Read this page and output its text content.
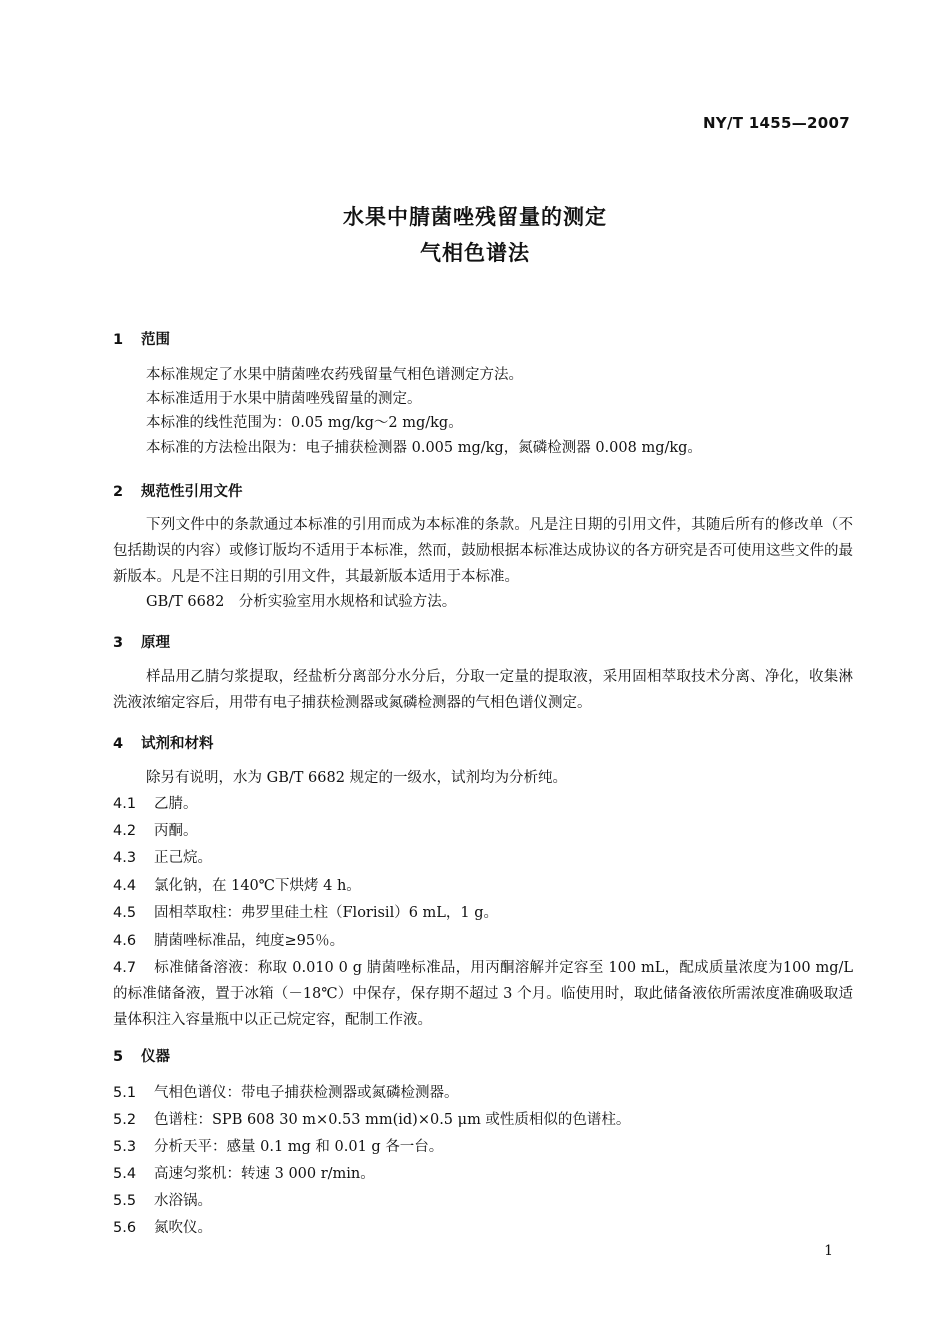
NY/T 1455—2007
水果中腈菌唑残留量的测定
气相色谱法
1 范围
本标准规定了水果中腈菌唑农药残留量气相色谱测定方法。
本标准适用于水果中腈菌唑残留量的测定。
本标准的线性范围为：0.05 mg/kg～2 mg/kg。
本标准的方法检出限为：电子捕获检测器 0.005 mg/kg，氮磷检测器 0.008 mg/kg。
2 规范性引用文件
下列文件中的条款通过本标准的引用而成为本标准的条款。凡是注日期的引用文件，其随后所有的修改单（不包括勘误的内容）或修订版均不适用于本标准，然而，鼓励根据本标准达成协议的各方研究是否可使用这些文件的最新版本。凡是不注日期的引用文件，其最新版本适用于本标准。
GB/T 6682　分析实验室用水规格和试验方法。
3 原理
样品用乙腈匀浆提取，经盐析分离部分水分后，分取一定量的提取液，采用固相萃取技术分离、净化，收集淋洗液浓缩定容后，用带有电子捕获检测器或氮磷检测器的气相色谱仪测定。
4 试剂和材料
除另有说明，水为 GB/T 6682 规定的一级水，试剂均为分析纯。
4.1 乙腈。
4.2 丙酮。
4.3 正己烷。
4.4 氯化钠，在 140℃下烘烤 4 h。
4.5 固相萃取柱：弗罗里硅土柱（Florisil）6 mL，1 g。
4.6 腈菌唑标准品，纯度≥95％。
4.7 标准储备溶液：称取 0.010 0 g 腈菌唑标准品，用丙酮溶解并定容至 100 mL，配成质量浓度为100 mg/L的标准储备液，置于冰箱（－18℃）中保存，保存期不超过 3 个月。临使用时，取此储备液依所需浓度准确吸取适量体积注入容量瓶中以正己烷定容，配制工作液。
5 仪器
5.1 气相色谱仪：带电子捕获检测器或氮磷检测器。
5.2 色谱柱：SPB 608 30 m×0.53 mm(id)×0.5 μm 或性质相似的色谱柱。
5.3 分析天平：感量 0.1 mg 和 0.01 g 各一台。
5.4 高速匀浆机：转速 3 000 r/min。
5.5 水浴锅。
5.6 氮吹仪。
1
